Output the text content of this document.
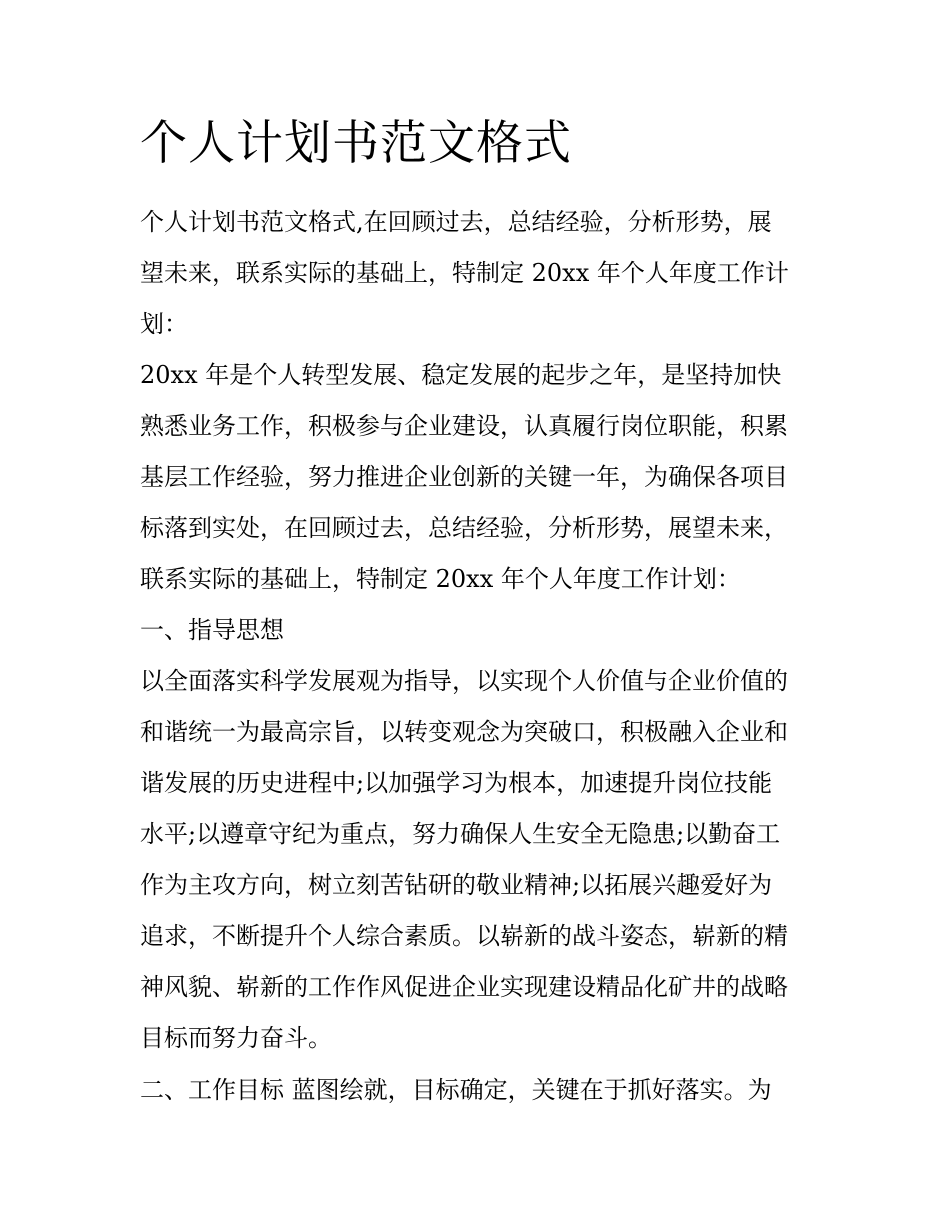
个人计划书范文格式

个人计划书范文格式,在回顾过去，总结经验，分析形势，展

望未来，联系实际的基础上，特制定 20xx 年个人年度工作计

划：

20xx 年是个人转型发展、稳定发展的起步之年，是坚持加快

熟悉业务工作，积极参与企业建设，认真履行岗位职能，积累

基层工作经验，努力推进企业创新的关键一年，为确保各项目

标落到实处，在回顾过去，总结经验，分析形势，展望未来，

联系实际的基础上，特制定 20xx 年个人年度工作计划：

一、指导思想

以全面落实科学发展观为指导，以实现个人价值与企业价值的

和谐统一为最高宗旨，以转变观念为突破口，积极融入企业和

谐发展的历史进程中;以加强学习为根本，加速提升岗位技能

水平;以遵章守纪为重点，努力确保人生安全无隐患;以勤奋工

作为主攻方向，树立刻苦钻研的敬业精神;以拓展兴趣爱好为

追求，不断提升个人综合素质。以崭新的战斗姿态，崭新的精

神风貌、崭新的工作作风促进企业实现建设精品化矿井的战略

目标而努力奋斗。

二、工作目标 蓝图绘就，目标确定，关键在于抓好落实。为
